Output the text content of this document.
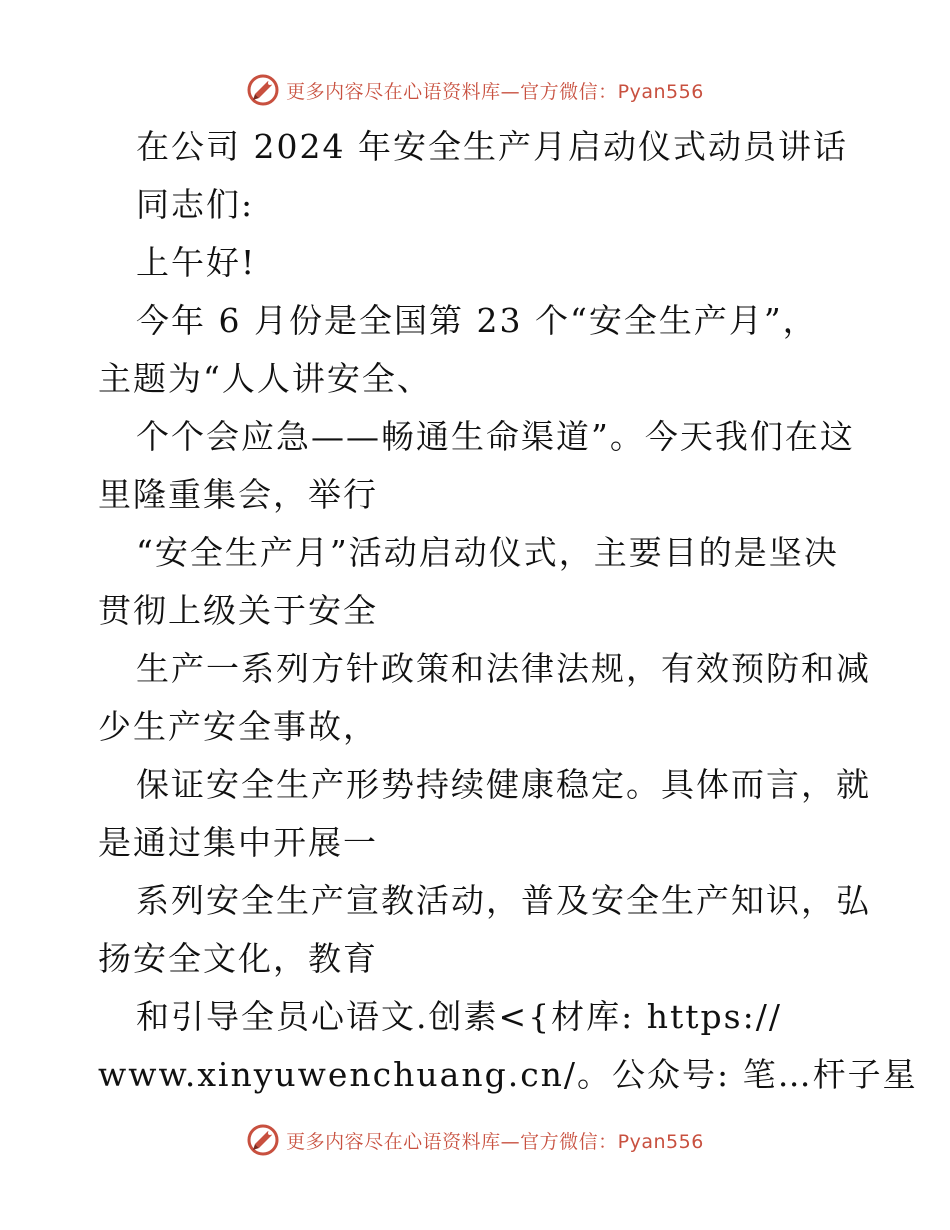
更多内容尽在心语资料库—官方微信：Pyan556
在公司 2024 年安全生产月启动仪式动员讲话
同志们:
上午好!
今年 6 月份是全国第 23 个“安全生产月”，
主题为“人人讲安全、
个个会应急——畅通生命渠道”。今天我们在这
里隆重集会，举行
“安全生产月”活动启动仪式，主要目的是坚决
贯彻上级关于安全
生产一系列方针政策和法律法规，有效预防和减
少生产安全事故，
保证安全生产形势持续健康稳定。具体而言，就
是通过集中开展一
系列安全生产宣教活动，普及安全生产知识，弘
扬安全文化，教育
和引导全员心语文.创素<{材库: https://
www.xinyuwenchuang.cn/。公众号: 笔…杆子星
更多内容尽在心语资料库—官方微信：Pyan556
